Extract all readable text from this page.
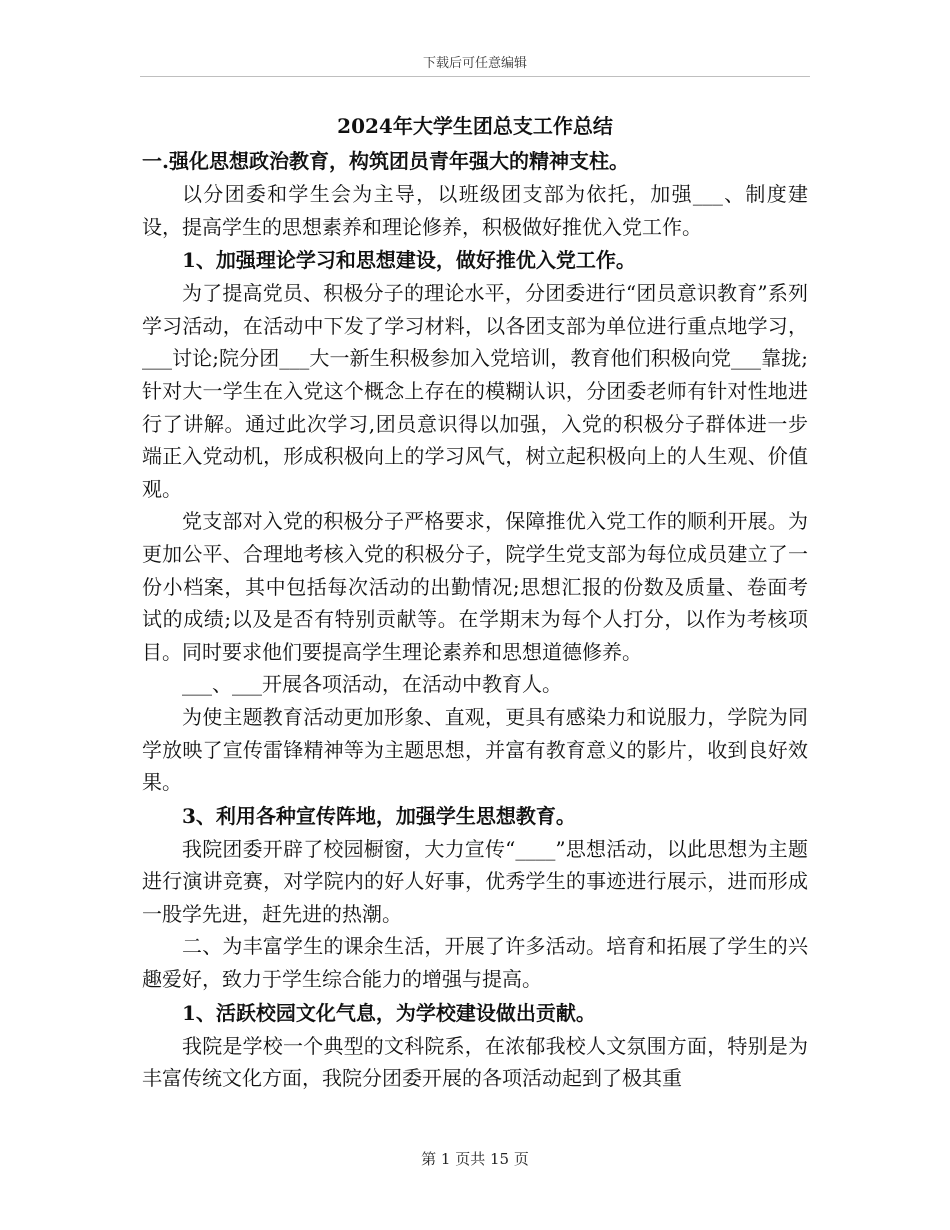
下载后可任意编辑
2024年大学生团总支工作总结
一.强化思想政治教育，构筑团员青年强大的精神支柱。
以分团委和学生会为主导，以班级团支部为依托，加强___、制度建设，提高学生的思想素养和理论修养，积极做好推优入党工作。
1、加强理论学习和思想建设，做好推优入党工作。
为了提高党员、积极分子的理论水平，分团委进行“团员意识教育”系列学习活动，在活动中下发了学习材料，以各团支部为单位进行重点地学习，___讨论;院分团___大一新生积极参加入党培训，教育他们积极向党___靠拢;针对大一学生在入党这个概念上存在的模糊认识，分团委老师有针对性地进行了讲解。通过此次学习,团员意识得以加强，入党的积极分子群体进一步端正入党动机，形成积极向上的学习风气，树立起积极向上的人生观、价值观。
党支部对入党的积极分子严格要求，保障推优入党工作的顺利开展。为更加公平、合理地考核入党的积极分子，院学生党支部为每位成员建立了一份小档案，其中包括每次活动的出勤情况;思想汇报的份数及质量、卷面考试的成绩;以及是否有特别贡献等。在学期末为每个人打分，以作为考核项目。同时要求他们要提高学生理论素养和思想道德修养。
___、___开展各项活动，在活动中教育人。
为使主题教育活动更加形象、直观，更具有感染力和说服力，学院为同学放映了宣传雷锋精神等为主题思想，并富有教育意义的影片，收到良好效果。
3、利用各种宣传阵地，加强学生思想教育。
我院团委开辟了校园橱窗，大力宣传“____”思想活动，以此思想为主题进行演讲竞赛，对学院内的好人好事，优秀学生的事迹进行展示，进而形成一股学先进，赶先进的热潮。
二、为丰富学生的课余生活，开展了许多活动。培育和拓展了学生的兴趣爱好，致力于学生综合能力的增强与提高。
1、活跃校园文化气息，为学校建设做出贡献。
我院是学校一个典型的文科院系，在浓郁我校人文氛围方面，特别是为丰富传统文化方面，我院分团委开展的各项活动起到了极其重
第 1 页共 15 页
